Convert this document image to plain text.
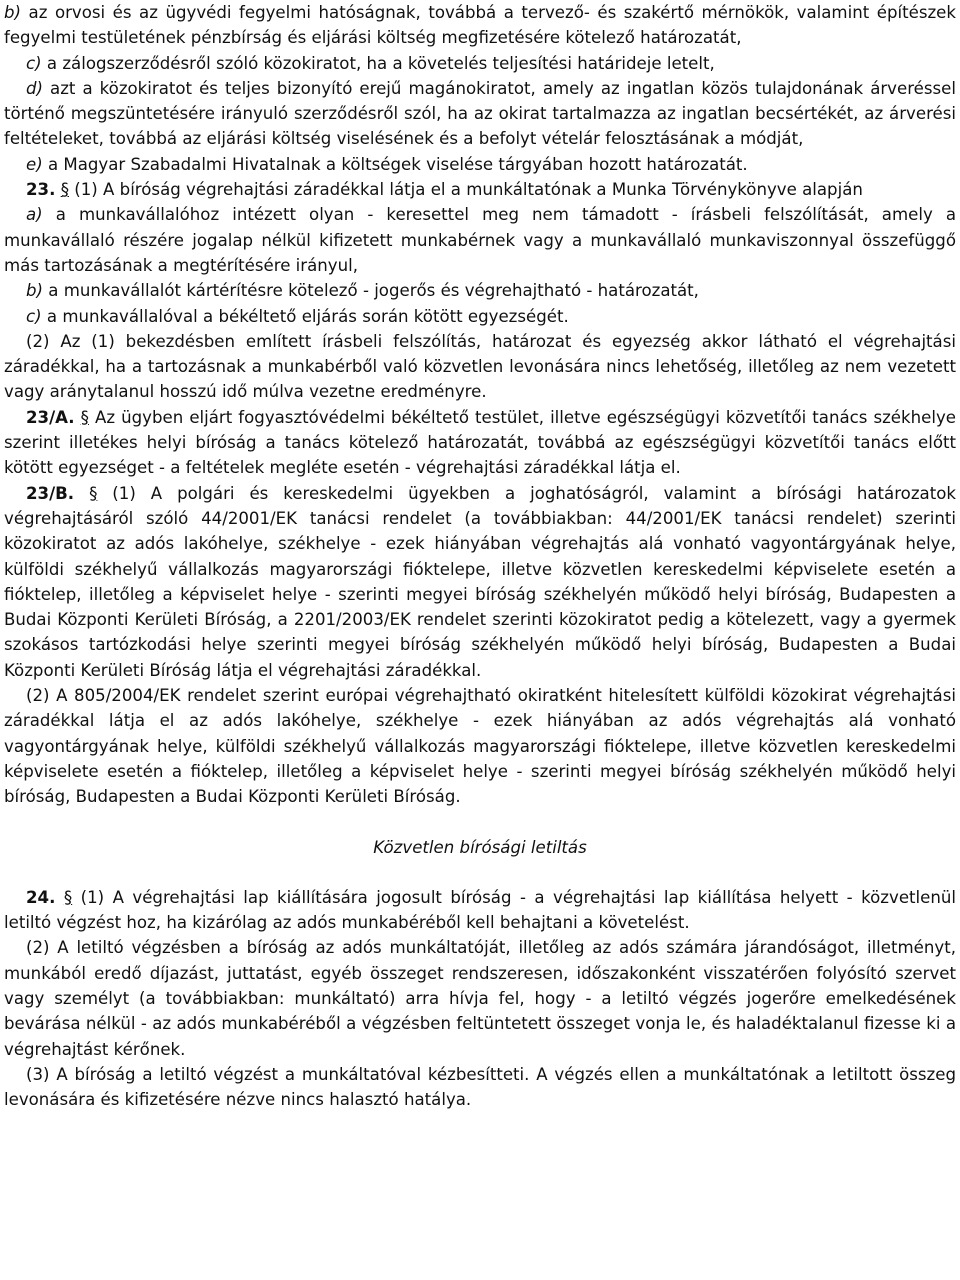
b) az orvosi és az ügyvédi fegyelmi hatóságnak, továbbá a tervező- és szakértő mérnökök, valamint építészek fegyelmi testületének pénzbírság és eljárási költség megfizetésére kötelező határozatát,

c) a zálogszerződésről szóló közokiratot, ha a követelés teljesítési határideje letelt,

d) azt a közokiratot és teljes bizonyító erejű magánokiratot, amely az ingatlan közös tulajdonának árveréssel történő megszüntetésére irányuló szerződésről szól, ha az okirat tartalmazza az ingatlan becsértékét, az árverési feltételeket, továbbá az eljárási költség viselésének és a befolyt vételár felosztásának a módját,

e) a Magyar Szabadalmi Hivatalnak a költségek viselése tárgyában hozott határozatát.

23. § (1) A bíróság végrehajtási záradékkal látja el a munkáltatónak a Munka Törvénykönyve alapján

a) a munkavállalóhoz intézett olyan - keresettel meg nem támadott - írásbeli felszólítását, amely a munkavállaló részére jogalap nélkül kifizetett munkabérnek vagy a munkavállaló munkaviszonnyal összefüggő más tartozásának a megtérítésére irányul,

b) a munkavállalót kártérítésre kötelező - jogerős és végrehajtható - határozatát,

c) a munkavállalóval a békéltető eljárás során kötött egyezségét.

(2) Az (1) bekezdésben említett írásbeli felszólítás, határozat és egyezség akkor látható el végrehajtási záradékkal, ha a tartozásnak a munkabérből való közvetlen levonására nincs lehetőség, illetőleg az nem vezetett vagy aránytalanul hosszú idő múlva vezetne eredményre.

23/A. § Az ügyben eljárt fogyasztóvédelmi békéltető testület, illetve egészségügyi közvetítői tanács székhelye szerint illetékes helyi bíróság a tanács kötelező határozatát, továbbá az egészségügyi közvetítői tanács előtt kötött egyezséget - a feltételek megléte esetén - végrehajtási záradékkal látja el.

23/B. § (1) A polgári és kereskedelmi ügyekben a joghatóságról, valamint a bírósági határozatok végrehajtásáról szóló 44/2001/EK tanácsi rendelet (a továbbiakban: 44/2001/EK tanácsi rendelet) szerinti közokiratot az adós lakóhelye, székhelye - ezek hiányában végrehajtás alá vonható vagyontárgyának helye, külföldi székhelyű vállalkozás magyarországi fióktelepe, illetve közvetlen kereskedelmi képviselete esetén a fióktelep, illetőleg a képviselet helye - szerinti megyei bíróság székhelyén működő helyi bíróság, Budapesten a Budai Központi Kerületi Bíróság, a 2201/2003/EK rendelet szerinti közokiratot pedig a kötelezett, vagy a gyermek szokásos tartózkodási helye szerinti megyei bíróság székhelyén működő helyi bíróság, Budapesten a Budai Központi Kerületi Bíróság látja el végrehajtási záradékkal.

(2) A 805/2004/EK rendelet szerint európai végrehajtható okiratként hitelesített külföldi közokirat végrehajtási záradékkal látja el az adós lakóhelye, székhelye - ezek hiányában az adós végrehajtás alá vonható vagyontárgyának helye, külföldi székhelyű vállalkozás magyarországi fióktelepe, illetve közvetlen kereskedelmi képviselete esetén a fióktelep, illetőleg a képviselet helye - szerinti megyei bíróság székhelyén működő helyi bíróság, Budapesten a Budai Központi Kerületi Bíróság.

Közvetlen bírósági letiltás

24. § (1) A végrehajtási lap kiállítására jogosult bíróság - a végrehajtási lap kiállítása helyett - közvetlenül letiltó végzést hoz, ha kizárólag az adós munkabéréből kell behajtani a követelést.

(2) A letiltó végzésben a bíróság az adós munkáltatóját, illetőleg az adós számára járandóságot, illetményt, munkából eredő díjazást, juttatást, egyéb összeget rendszeresen, időszakonként visszatérően folyósító szervet vagy személyt (a továbbiakban: munkáltató) arra hívja fel, hogy - a letiltó végzés jogerőre emelkedésének bevárása nélkül - az adós munkabéréből a végzésben feltüntetett összeget vonja le, és haladéktalanul fizesse ki a végrehajtást kérőnek.

(3) A bíróság a letiltó végzést a munkáltatóval kézbesítteti. A végzés ellen a munkáltatónak a letiltott összeg levonására és kifizetésére nézve nincs halasztó hatálya.
